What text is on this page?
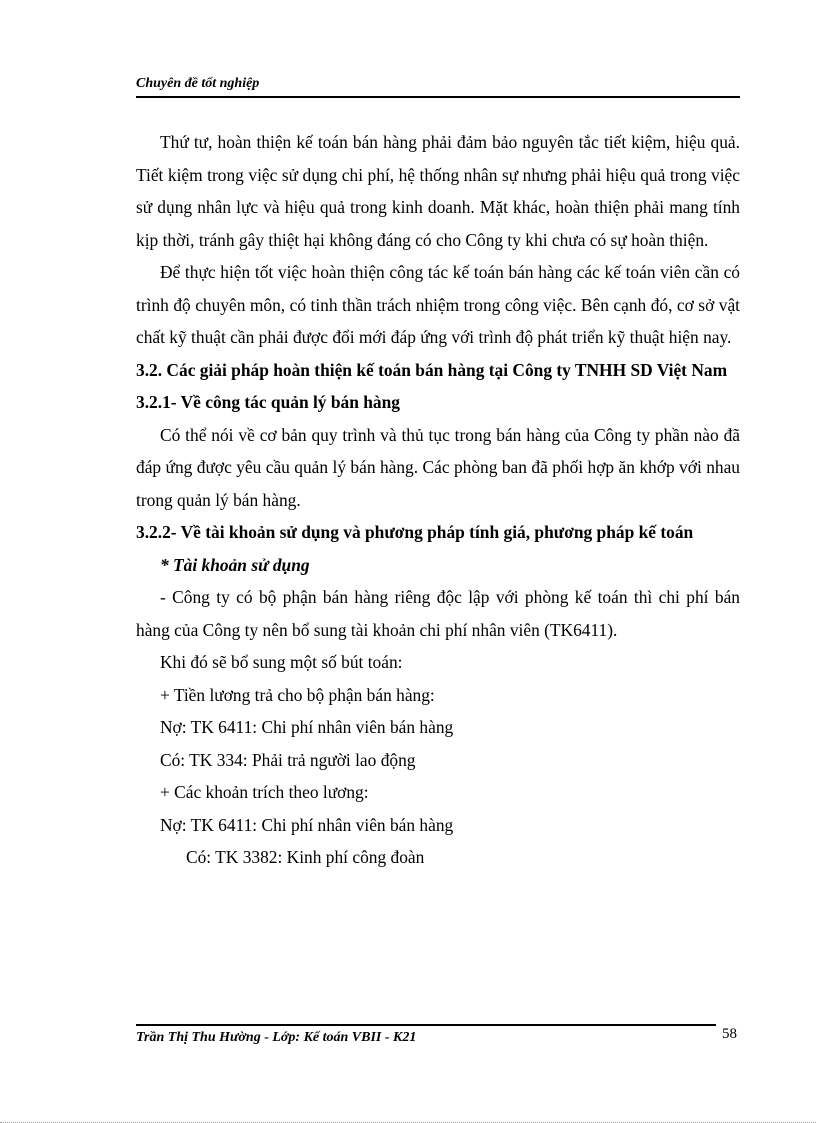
Chuyên đề tốt nghiệp

Thứ tư, hoàn thiện kế toán bán hàng phải đảm bảo nguyên tắc tiết kiệm, hiệu quả. Tiết kiệm trong việc sử dụng chi phí, hệ thống nhân sự nhưng phải hiệu quả trong việc sử dụng nhân lực và hiệu quả trong kinh doanh. Mặt khác, hoàn thiện phải mang tính kịp thời, tránh gây thiệt hại không đáng có cho Công ty khi chưa có sự hoàn thiện.

Để thực hiện tốt việc hoàn thiện công tác kế toán bán hàng các kế toán viên cần có trình độ chuyên môn, có tinh thần trách nhiệm trong công việc. Bên cạnh đó, cơ sở vật chất kỹ thuật cần phải được đổi mới đáp ứng với trình độ phát triển kỹ thuật hiện nay.

3.2. Các giải pháp hoàn thiện kế toán bán hàng tại Công ty TNHH SD Việt Nam

3.2.1- Về công tác quản lý bán hàng

Có thể nói về cơ bản quy trình và thủ tục trong bán hàng của Công ty phần nào đã đáp ứng được yêu cầu quản lý bán hàng. Các phòng ban đã phối hợp ăn khớp với nhau trong quản lý bán hàng.

3.2.2- Về tài khoản sử dụng và phương pháp tính giá, phương pháp kế toán

* Tài khoản sử dụng

- Công ty có bộ phận bán hàng riêng độc lập với phòng kế toán thì chi phí bán hàng của Công ty nên bổ sung tài khoản chi phí nhân viên (TK6411).

Khi đó sẽ bổ sung một số bút toán:

+ Tiền lương trả cho bộ phận bán hàng:

Nợ: TK 6411: Chi phí nhân viên bán hàng

Có: TK 334: Phải trả người lao động

+ Các khoản trích theo lương:

Nợ: TK 6411: Chi phí nhân viên bán hàng

Có: TK 3382: Kinh phí công đoàn

Trần Thị Thu Hường - Lớp: Kế toán VBII - K21	58
